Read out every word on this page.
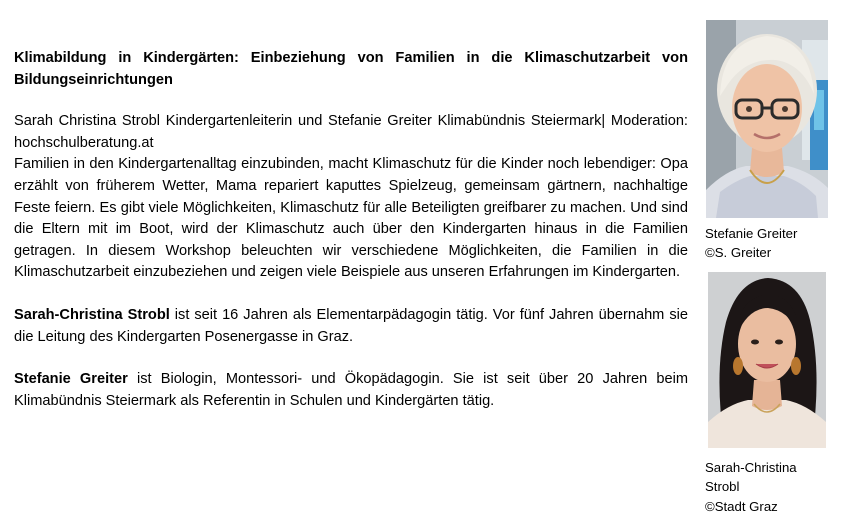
Klimabildung in Kindergärten: Einbeziehung von Familien in die Klimaschutzarbeit von Bildungseinrichtungen

Sarah Christina Strobl Kindergartenleiterin und Stefanie Greiter Klimabündnis Steiermark| Moderation: hochschulberatung.at

Familien in den Kindergartenalltag einzubinden, macht Klimaschutz für die Kinder noch lebendiger: Opa erzählt von früherem Wetter, Mama repariert kaputtes Spielzeug, gemeinsam gärtnern, nachhaltige Feste feiern. Es gibt viele Möglichkeiten, Klimaschutz für alle Beteiligten greifbarer zu machen. Und sind die Eltern mit im Boot, wird der Klimaschutz auch über den Kindergarten hinaus in die Familien getragen. In diesem Workshop beleuchten wir verschiedene Möglichkeiten, die Familien in die Klimaschutzarbeit einzubeziehen und zeigen viele Beispiele aus unseren Erfahrungen im Kindergarten.

Sarah-Christina Strobl ist seit 16 Jahren als Elementarpädagogin tätig. Vor fünf Jahren übernahm sie die Leitung des Kindergarten Posenergasse in Graz.

Stefanie Greiter ist Biologin, Montessori- und Ökopädagogin. Sie ist seit über 20 Jahren beim Klimabündnis Steiermark als Referentin in Schulen und Kindergärten tätig.

Stefanie Greiter
©S. Greiter
Sarah-Christina
Strobl
©Stadt Graz
